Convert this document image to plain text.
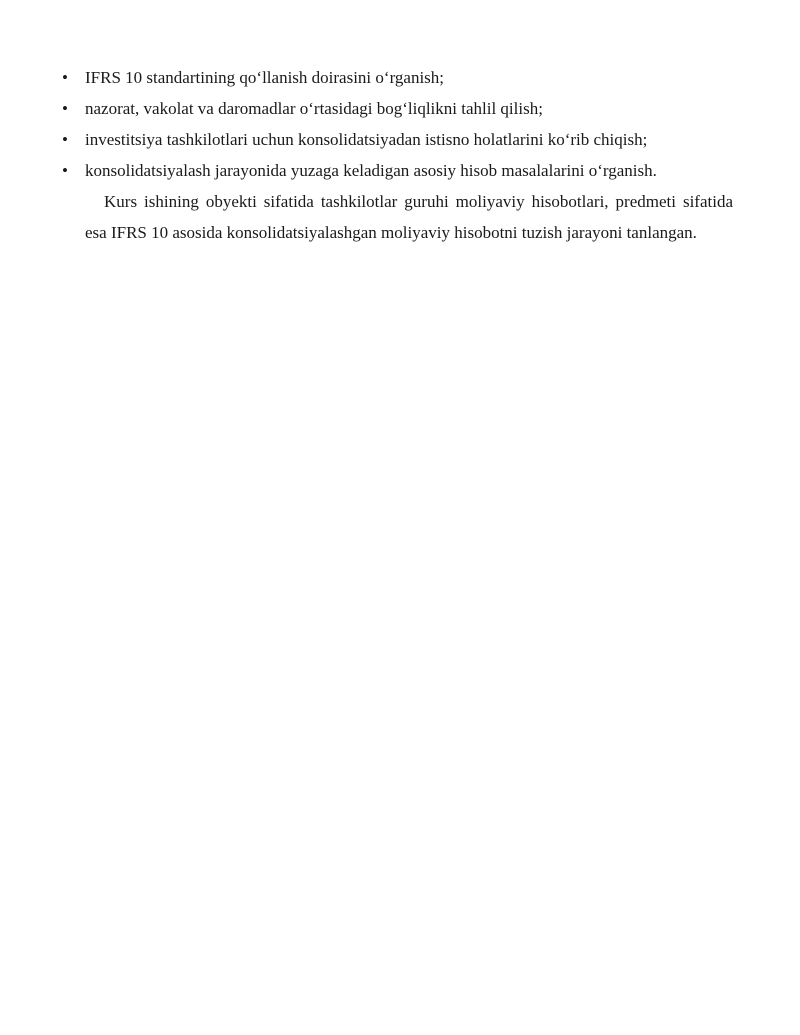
• IFRS 10 standartining qo‘llanish doirasini o‘rganish;
• nazorat, vakolat va daromadlar o‘rtasidagi bog‘liqlikni tahlil qilish;
• investitsiya tashkilotlari uchun konsolidatsiyadan istisno holatlarini ko‘rib chiqish;
• konsolidatsiyalash jarayonida yuzaga keladigan asosiy hisob masalalarini o‘rganish.

Kurs ishining obyekti sifatida tashkilotlar guruhi moliyaviy hisobotlari, predmeti sifatida esa IFRS 10 asosida konsolidatsiyalashgan moliyaviy hisobotni tuzish jarayoni tanlangan.
